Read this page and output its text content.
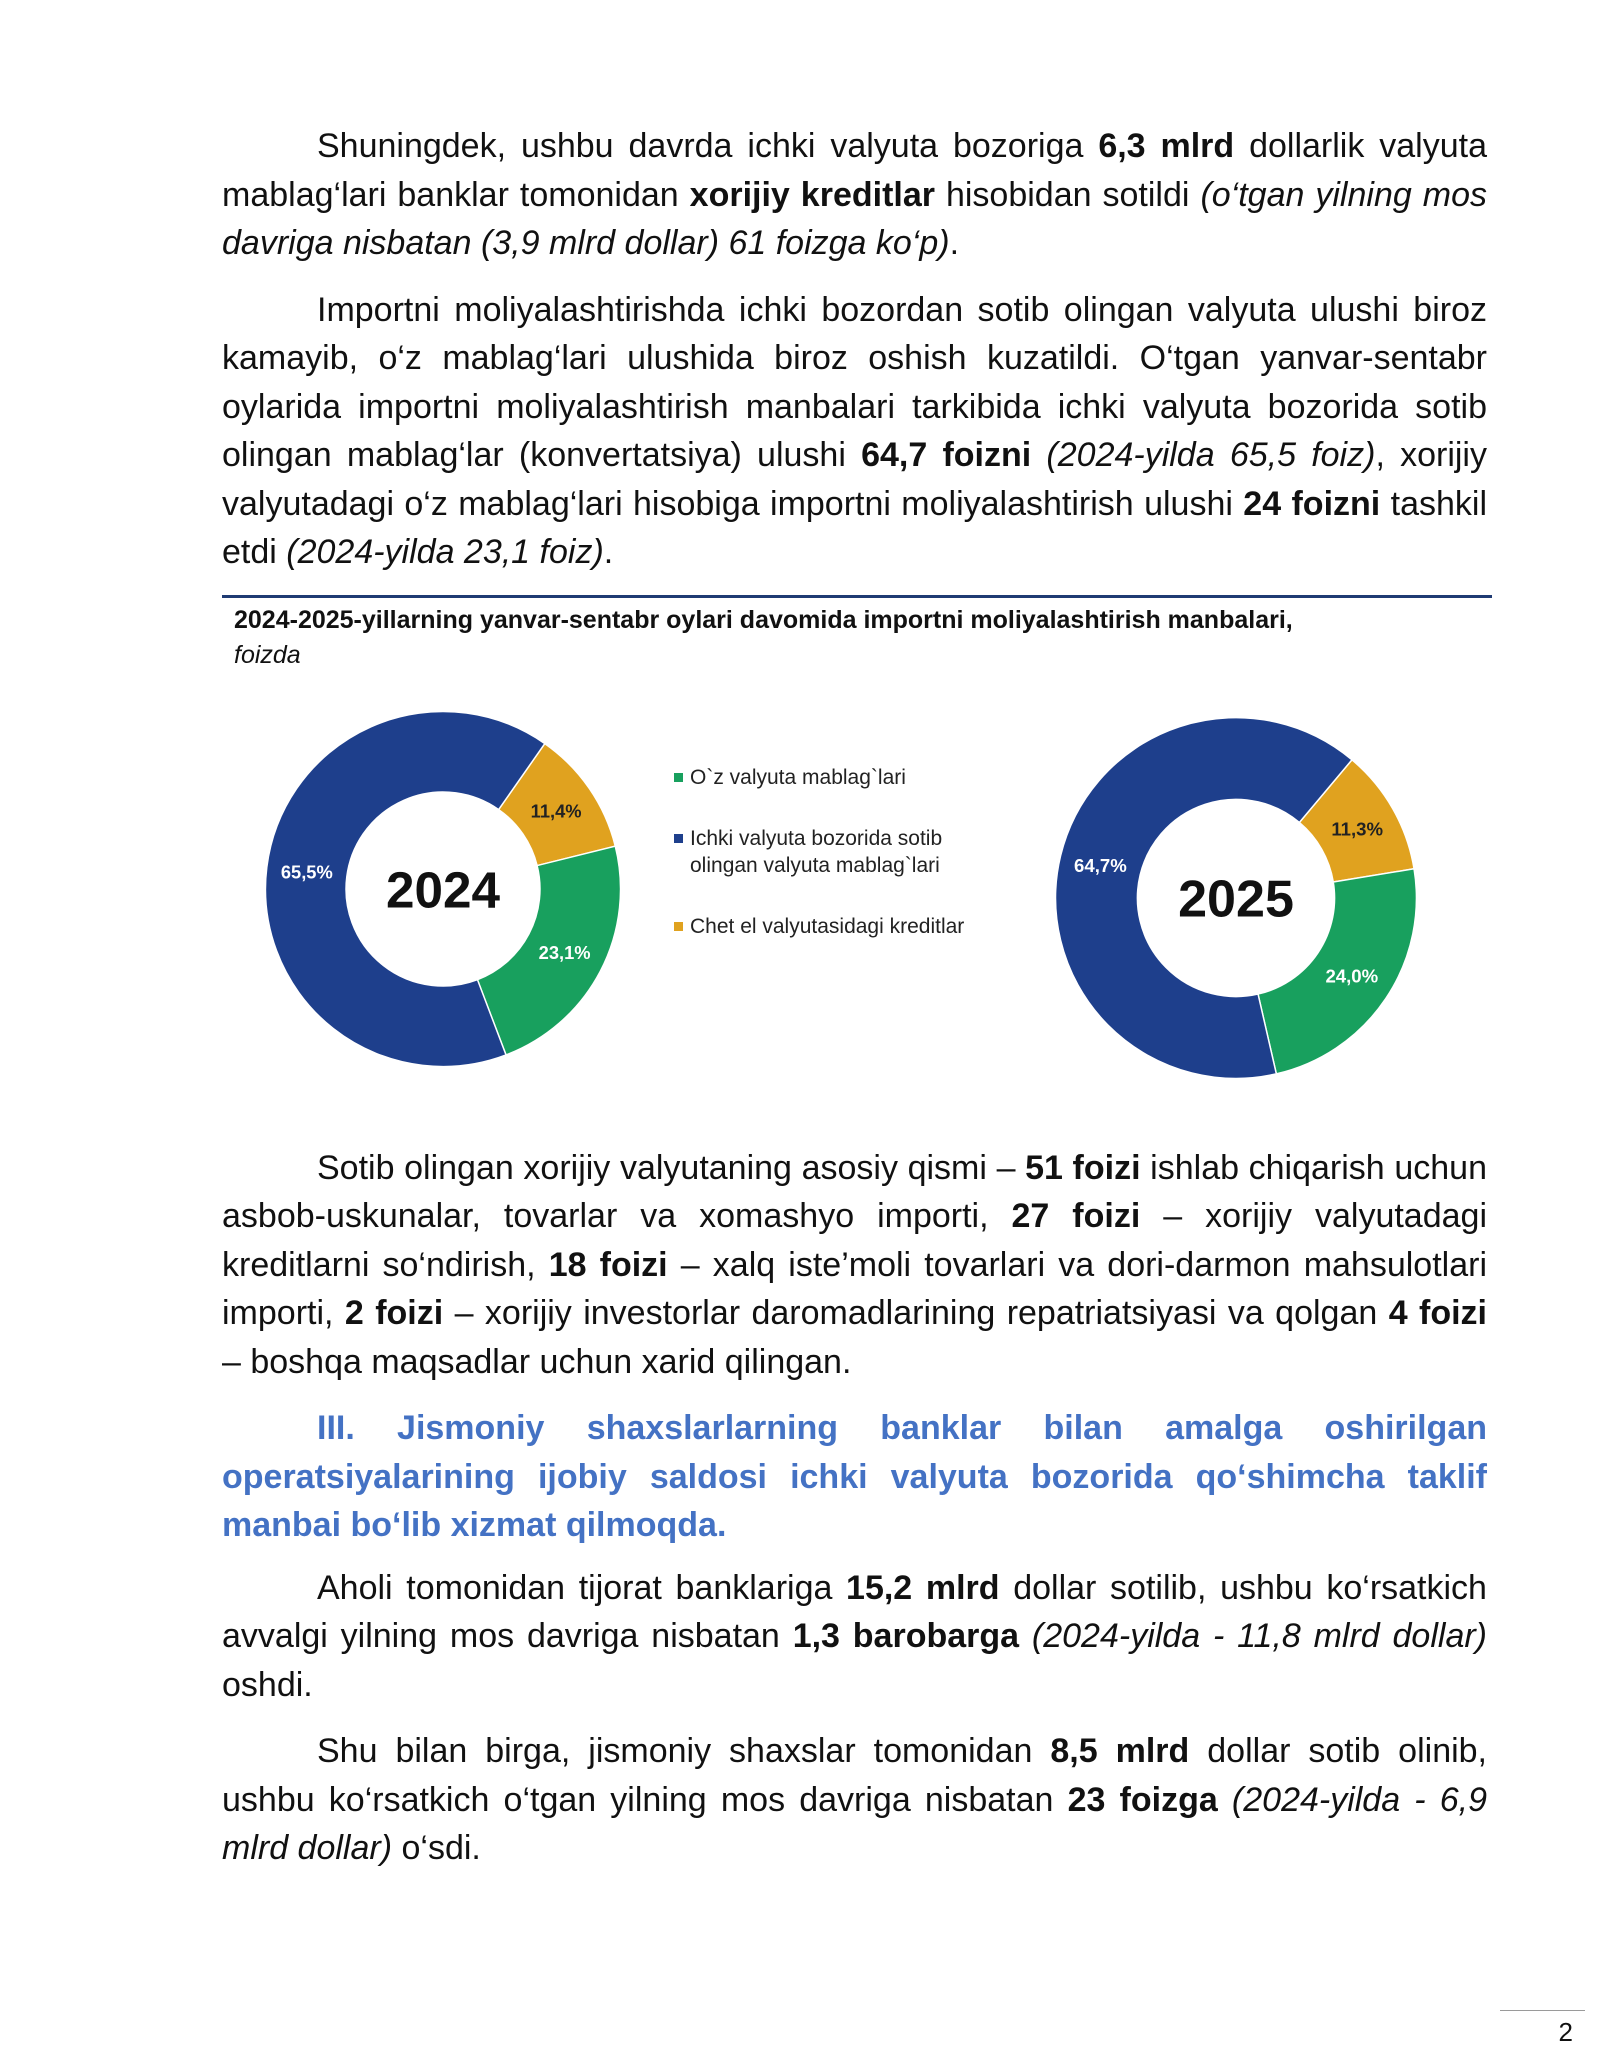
Shuningdek, ushbu davrda ichki valyuta bozoriga 6,3 mlrd dollarlik valyuta mablag‘lari banklar tomonidan xorijiy kreditlar hisobidan sotildi (o‘tgan yilning mos davriga nisbatan (3,9 mlrd dollar) 61 foizga ko‘p).

Importni moliyalashtirishda ichki bozordan sotib olingan valyuta ulushi biroz kamayib, o‘z mablag‘lari ulushida biroz oshish kuzatildi. O‘tgan yanvar-sentabr oylarida importni moliyalashtirish manbalari tarkibida ichki valyuta bozorida sotib olingan mablag‘lar (konvertatsiya) ulushi 64,7 foizni (2024-yilda 65,5 foiz), xorijiy valyutadagi o‘z mablag‘lari hisobiga importni moliyalashtirish ulushi 24 foizni tashkil etdi (2024-yilda 23,1 foiz).

2024-2025-yillarning yanvar-sentabr oylari davomida importni moliyalashtirish manbalari,
foizda
11,4%
23,1%
65,5% 2024
O`z valyuta mablag`lari
Ichki valyuta bozorida sotib olingan valyuta mablag`lari
Chet el valyutasidagi kreditlar
11,3%
24,0%
64,7%
2025

Sotib olingan xorijiy valyutaning asosiy qismi – 51 foizi ishlab chiqarish uchun asbob-uskunalar, tovarlar va xomashyo importi, 27 foizi – xorijiy valyutadagi kreditlarni so‘ndirish, 18 foizi – xalq iste’moli tovarlari va dori-darmon mahsulotlari importi, 2 foizi – xorijiy investorlar daromadlarining repatriatsiyasi va qolgan 4 foizi – boshqa maqsadlar uchun xarid qilingan.

III. Jismoniy shaxslarlarning banklar bilan amalga oshirilgan operatsiyalarining ijobiy saldosi ichki valyuta bozorida qo‘shimcha taklif manbai bo‘lib xizmat qilmoqda.

Aholi tomonidan tijorat banklariga 15,2 mlrd dollar sotilib, ushbu ko‘rsatkich avvalgi yilning mos davriga nisbatan 1,3 barobarga (2024-yilda - 11,8 mlrd dollar) oshdi.

Shu bilan birga, jismoniy shaxslar tomonidan 8,5 mlrd dollar sotib olinib, ushbu ko‘rsatkich o‘tgan yilning mos davriga nisbatan 23 foizga (2024-yilda - 6,9 mlrd dollar) o‘sdi.

2
